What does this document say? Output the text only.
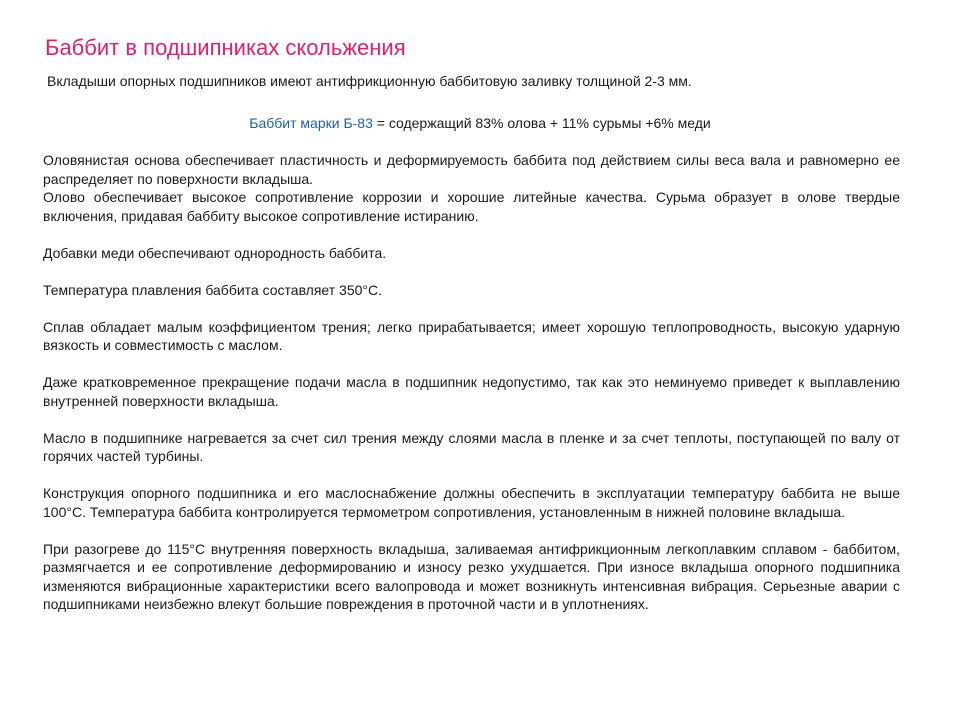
Баббит в подшипниках скольжения

Вкладыши опорных подшипников имеют антифрикционную баббитовую заливку толщиной 2-3 мм.

Баббит марки Б-83 = содержащий 83% олова + 11% сурьмы +6% меди

Оловянистая основа обеспечивает пластичность и деформируемость баббита под действием силы веса вала и равномерно ее распределяет по поверхности вкладыша.

Олово обеспечивает высокое сопротивление коррозии и хорошие литейные качества. Сурьма образует в олове твердые включения, придавая баббиту высокое сопротивление истиранию.

Добавки меди обеспечивают однородность баббита.

Температура плавления баббита составляет 350°С.

Сплав обладает малым коэффициентом трения; легко прирабатывается; имеет хорошую теплопроводность, высокую ударную вязкость и совместимость с маслом.

Даже кратковременное прекращение подачи масла в подшипник недопустимо, так как это неминуемо приведет к выплавлению внутренней поверхности вкладыша.

Масло в подшипнике нагревается за счет сил трения между слоями масла в пленке и за счет теплоты, поступающей по валу от горячих частей турбины.

Конструкция опорного подшипника и его маслоснабжение должны обеспечить в эксплуатации температуру баббита не выше 100°С. Температура баббита контролируется термометром сопротивления, установленным в нижней половине вкладыша.

При разогреве до 115°С внутренняя поверхность вкладыша, заливаемая антифрикционным легкоплавким сплавом - баббитом, размягчается и ее сопротивление деформированию и износу резко ухудшается. При износе вкладыша опорного подшипника изменяются вибрационные характеристики всего валопровода и может возникнуть интенсивная вибрация. Серьезные аварии с подшипниками неизбежно влекут большие повреждения в проточной части и в уплотнениях.
